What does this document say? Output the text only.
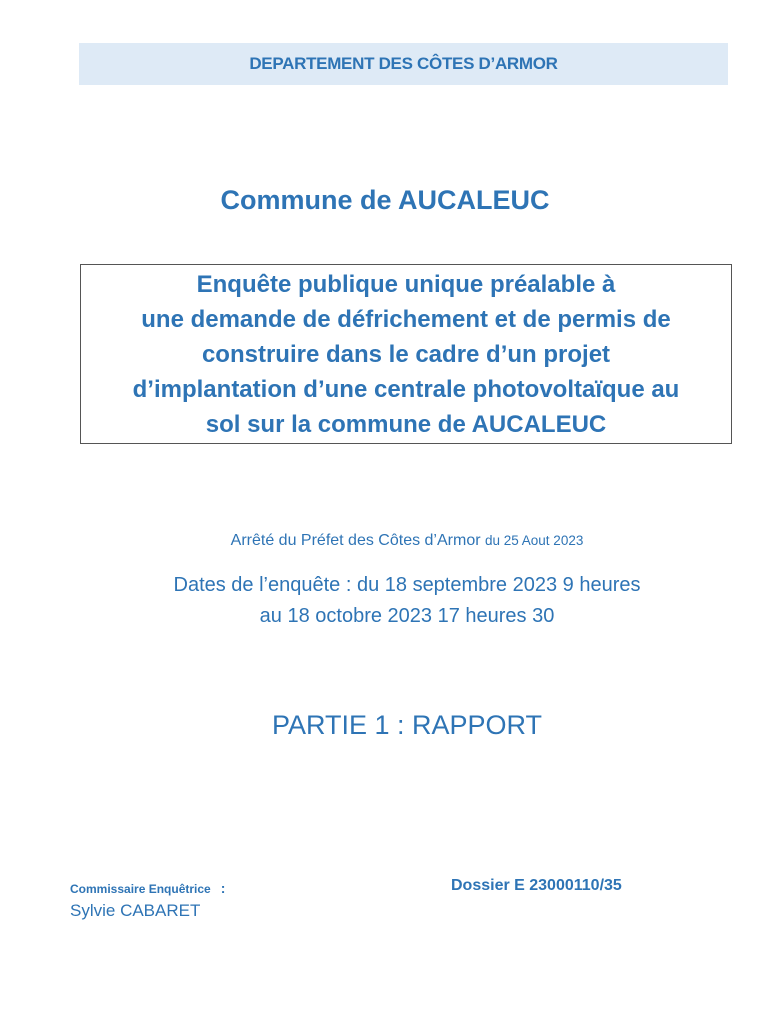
DEPARTEMENT DES CÔTES D’ARMOR
Commune de AUCALEUC
Enquête publique unique préalable à
une demande de défrichement et de permis de
construire dans le cadre d’un projet
d’implantation d’une centrale photovoltaïque au
sol sur la commune de AUCALEUC
Arrêté du Préfet des Côtes d’Armor du 25 Aout 2023
Dates de l’enquête : du 18 septembre 2023 9 heures
au 18 octobre 2023 17 heures 30
PARTIE 1 : RAPPORT
Commissaire Enquêtrice :
Sylvie CABARET
Dossier E 23000110/35
